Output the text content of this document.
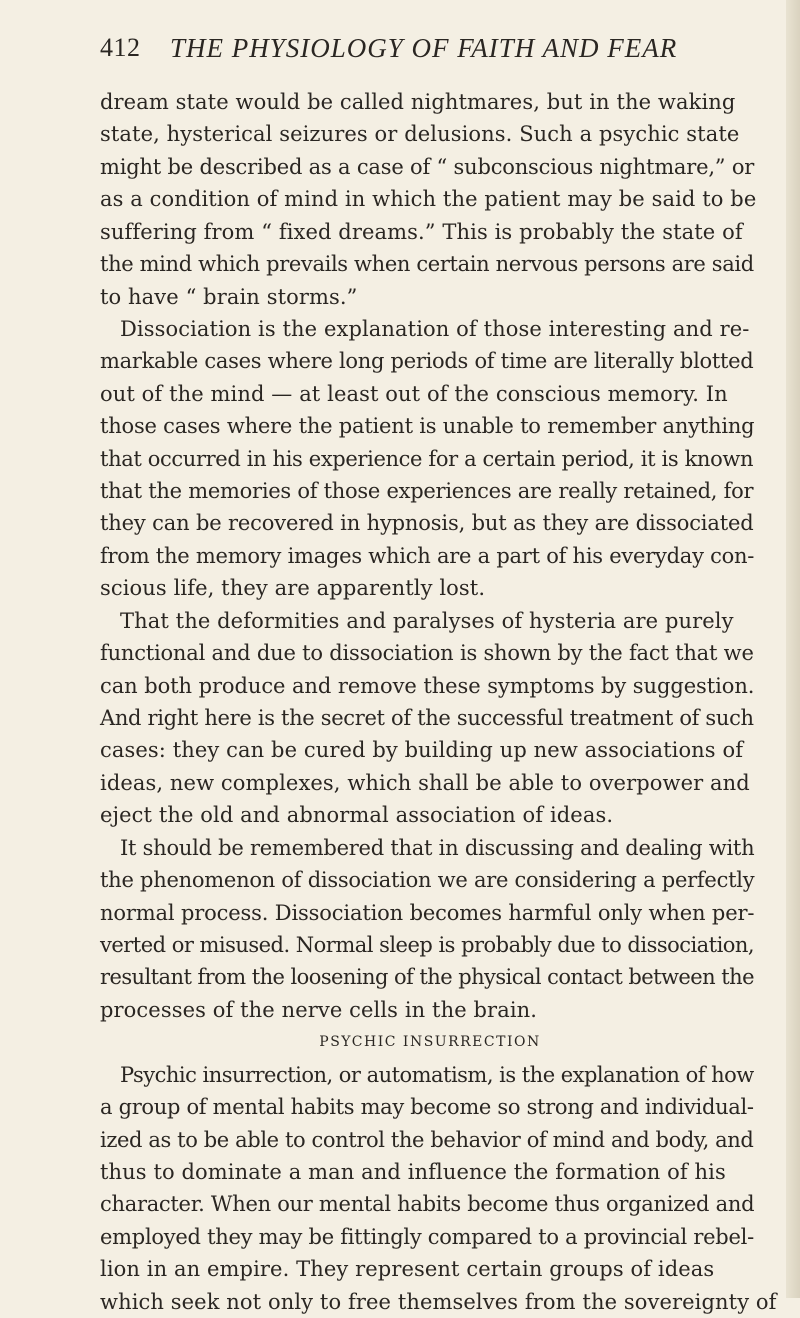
412 THE PHYSIOLOGY OF FAITH AND FEAR
dream state would be called nightmares, but in the waking
state, hysterical seizures or delusions. Such a psychic state
might be described as a case of “ subconscious nightmare,” or
as a condition of mind in which the patient may be said to be
suffering from “ fixed dreams.” This is probably the state of
the mind which prevails when certain nervous persons are said
to have “ brain storms.”
Dissociation is the explanation of those interesting and re-
markable cases where long periods of time are literally blotted
out of the mind — at least out of the conscious memory. In
those cases where the patient is unable to remember anything
that occurred in his experience for a certain period, it is known
that the memories of those experiences are really retained, for
they can be recovered in hypnosis, but as they are dissociated
from the memory images which are a part of his everyday con-
scious life, they are apparently lost.
That the deformities and paralyses of hysteria are purely
functional and due to dissociation is shown by the fact that we
can both produce and remove these symptoms by suggestion.
And right here is the secret of the successful treatment of such
cases: they can be cured by building up new associations of
ideas, new complexes, which shall be able to overpower and
eject the old and abnormal association of ideas.
It should be remembered that in discussing and dealing with
the phenomenon of dissociation we are considering a perfectly
normal process. Dissociation becomes harmful only when per-
verted or misused. Normal sleep is probably due to dissociation,
resultant from the loosening of the physical contact between the
processes of the nerve cells in the brain.
PSYCHIC INSURRECTION
Psychic insurrection, or automatism, is the explanation of how
a group of mental habits may become so strong and individual-
ized as to be able to control the behavior of mind and body, and
thus to dominate a man and influence the formation of his
character. When our mental habits become thus organized and
employed they may be fittingly compared to a provincial rebel-
lion in an empire. They represent certain groups of ideas
which seek not only to free themselves from the sovereignty of
